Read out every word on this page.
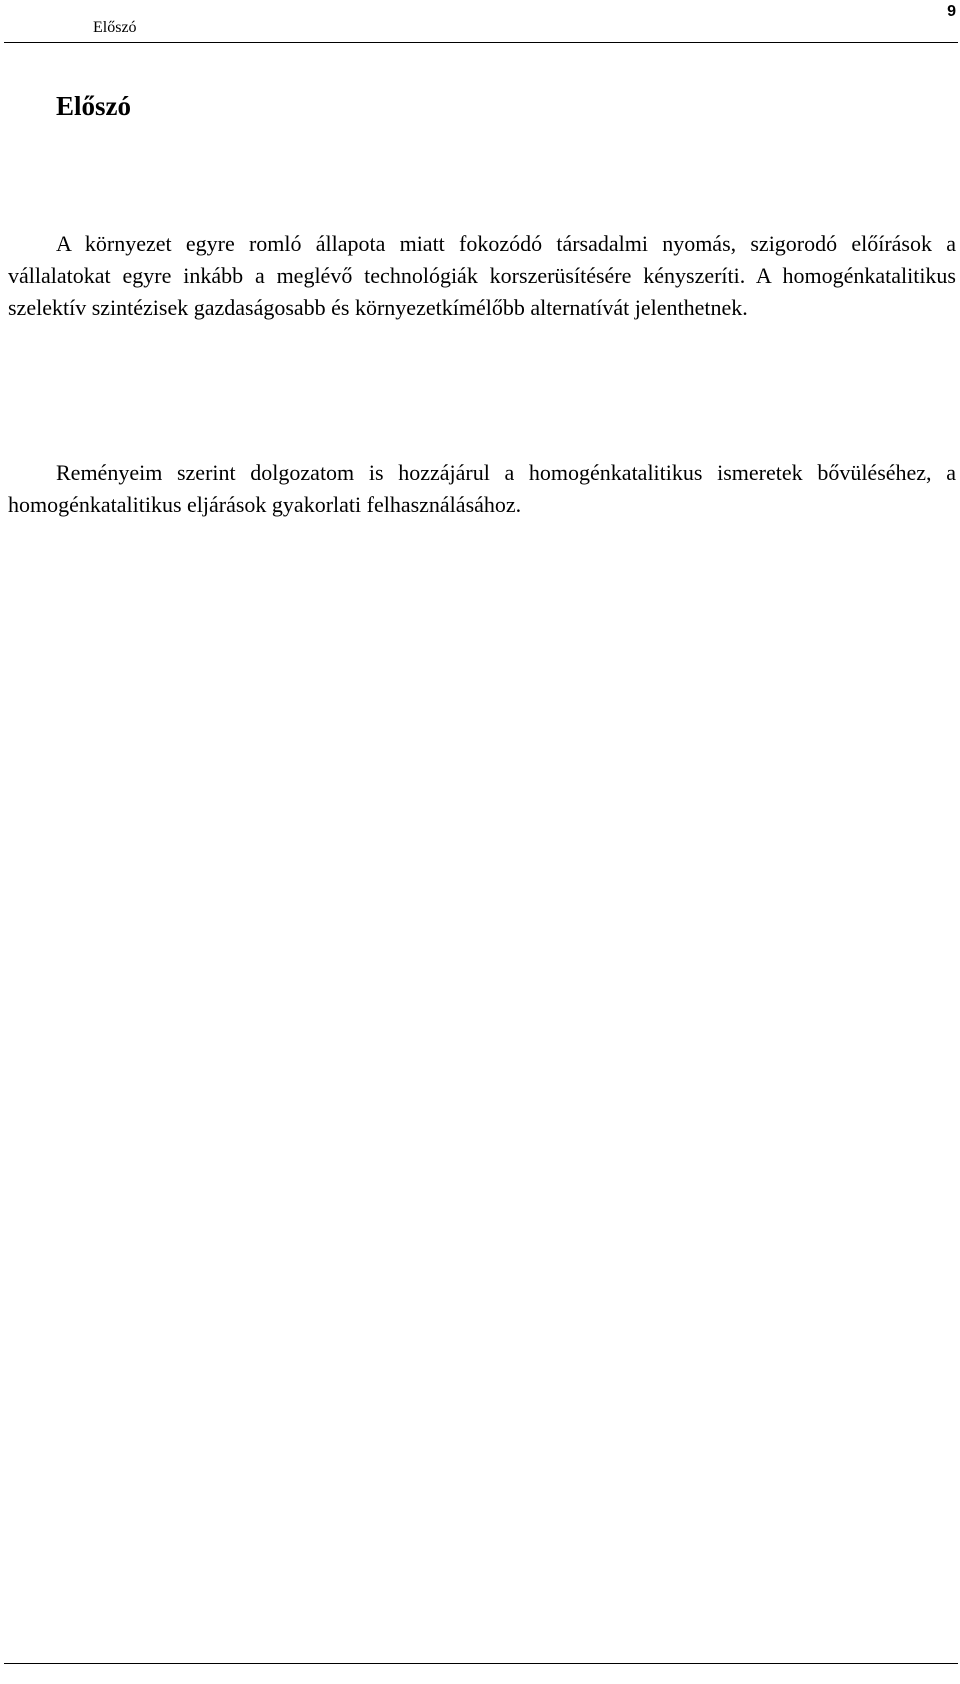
Előszó
9
Előszó

A környezet egyre romló állapota miatt fokozódó társadalmi nyomás, szigorodó előírások a vállalatokat egyre inkább a meglévő technológiák korszerüsítésére kényszeríti. A homogénkatalitikus szelektív szintézisek gazdaságosabb és környezetkímélőbb alternatívát jelenthetnek.

Reményeim szerint dolgozatom is hozzájárul a homogénkatalitikus ismeretek bővüléséhez, a homogénkatalitikus eljárások gyakorlati felhasználásához.
